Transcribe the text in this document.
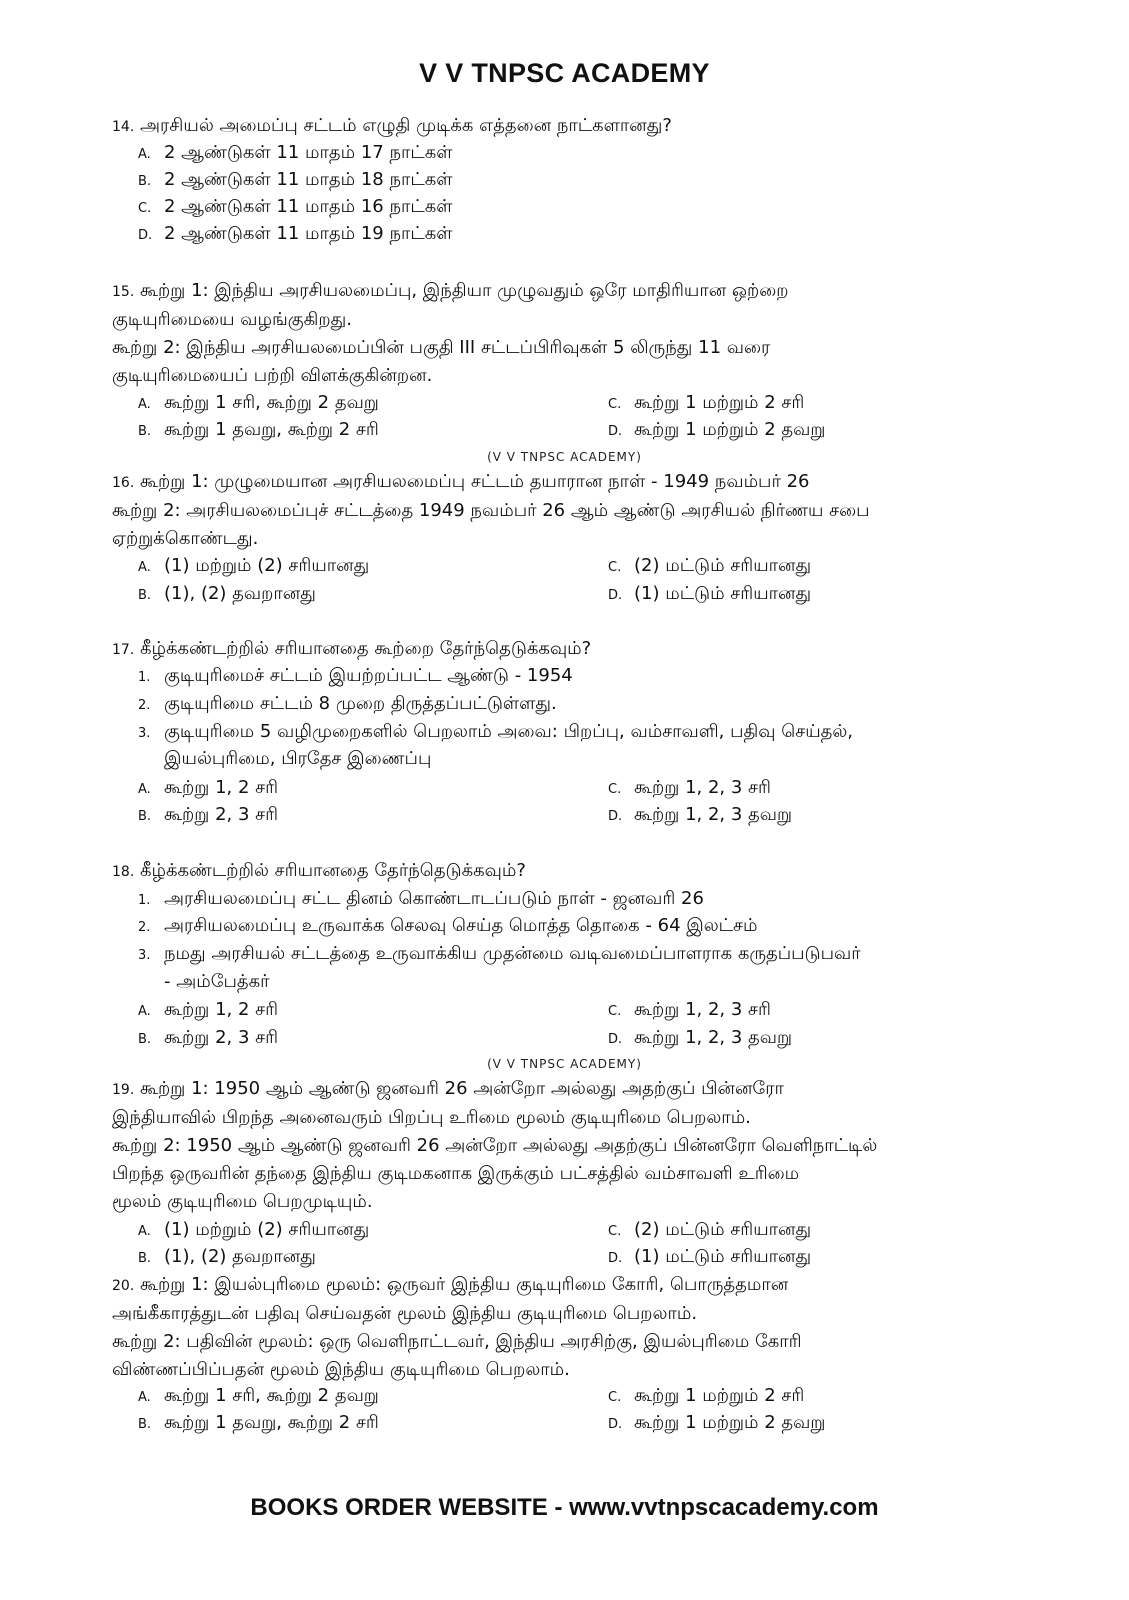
V V TNPSC ACADEMY
14. அரசியல் அமைப்பு சட்டம் எழுதி முடிக்க எத்தனை நாட்களானது?
A. 2 ஆண்டுகள் 11 மாதம் 17 நாட்கள்
B. 2 ஆண்டுகள் 11 மாதம் 18 நாட்கள்
C. 2 ஆண்டுகள் 11 மாதம் 16 நாட்கள்
D. 2 ஆண்டுகள் 11 மாதம் 19 நாட்கள்
15. கூற்று 1: இந்திய அரசியலமைப்பு, இந்தியா முழுவதும் ஒரே மாதிரியான ஒற்றை
குடியுரிமையை வழங்குகிறது.
கூற்று 2: இந்திய அரசியலமைப்பின் பகுதி III சட்டப்பிரிவுகள் 5 லிருந்து 11 வரை
குடியுரிமையைப் பற்றி விளக்குகின்றன.
A. கூற்று 1 சரி, கூற்று 2 தவறு	C. கூற்று 1 மற்றும் 2 சரி
B. கூற்று 1 தவறு, கூற்று 2 சரி	D. கூற்று 1 மற்றும் 2 தவறு
(V V TNPSC ACADEMY)
16. கூற்று 1: முழுமையான அரசியலமைப்பு சட்டம் தயாரான நாள் - 1949 நவம்பர் 26
கூற்று 2: அரசியலமைப்புச் சட்டத்தை 1949 நவம்பர் 26 ஆம் ஆண்டு அரசியல் நிர்ணய சபை
ஏற்றுக்கொண்டது.
A. (1) மற்றும் (2) சரியானது	C. (2) மட்டும் சரியானது
B. (1), (2) தவறானது	D. (1) மட்டும் சரியானது
17. கீழ்க்கண்டற்றில் சரியானதை கூற்றை தேர்ந்தெடுக்கவும்?
1. குடியுரிமைச் சட்டம் இயற்றப்பட்ட ஆண்டு - 1954
2. குடியுரிமை சட்டம் 8 முறை திருத்தப்பட்டுள்ளது.
3. குடியுரிமை 5 வழிமுறைகளில் பெறலாம் அவை: பிறப்பு, வம்சாவளி, பதிவு செய்தல்,
இயல்புரிமை, பிரதேச இணைப்பு
A. கூற்று 1, 2 சரி	C. கூற்று 1, 2, 3 சரி
B. கூற்று 2, 3 சரி	D. கூற்று 1, 2, 3 தவறு
18. கீழ்க்கண்டற்றில் சரியானதை தேர்ந்தெடுக்கவும்?
1. அரசியலமைப்பு சட்ட தினம் கொண்டாடப்படும் நாள் - ஜனவரி 26
2. அரசியலமைப்பு உருவாக்க செலவு செய்த மொத்த தொகை - 64 இலட்சம்
3. நமது அரசியல் சட்டத்தை உருவாக்கிய முதன்மை வடிவமைப்பாளராக கருதப்படுபவர்
- அம்பேத்கர்
A. கூற்று 1, 2 சரி	C. கூற்று 1, 2, 3 சரி
B. கூற்று 2, 3 சரி	D. கூற்று 1, 2, 3 தவறு
(V V TNPSC ACADEMY)
19. கூற்று 1: 1950 ஆம் ஆண்டு ஜனவரி 26 அன்றோ அல்லது அதற்குப் பின்னரோ
இந்தியாவில் பிறந்த அனைவரும் பிறப்பு உரிமை மூலம் குடியுரிமை பெறலாம்.
கூற்று 2: 1950 ஆம் ஆண்டு ஜனவரி 26 அன்றோ அல்லது அதற்குப் பின்னரோ வெளிநாட்டில்
பிறந்த ஒருவரின் தந்தை இந்திய குடிமகனாக இருக்கும் பட்சத்தில் வம்சாவளி உரிமை
மூலம் குடியுரிமை பெறமுடியும்.
A. (1) மற்றும் (2) சரியானது	C. (2) மட்டும் சரியானது
B. (1), (2) தவறானது	D. (1) மட்டும் சரியானது
20. கூற்று 1: இயல்புரிமை மூலம்: ஒருவர் இந்திய குடியுரிமை கோரி, பொருத்தமான
அங்கீகாரத்துடன் பதிவு செய்வதன் மூலம் இந்திய குடியுரிமை பெறலாம்.
கூற்று 2: பதிவின் மூலம்: ஒரு வெளிநாட்டவர், இந்திய அரசிற்கு, இயல்புரிமை கோரி
விண்ணப்பிப்பதன் மூலம் இந்திய குடியுரிமை பெறலாம்.
A. கூற்று 1 சரி, கூற்று 2 தவறு	C. கூற்று 1 மற்றும் 2 சரி
B. கூற்று 1 தவறு, கூற்று 2 சரி	D. கூற்று 1 மற்றும் 2 தவறு
BOOKS ORDER WEBSITE - www.vvtnpscacademy.com
